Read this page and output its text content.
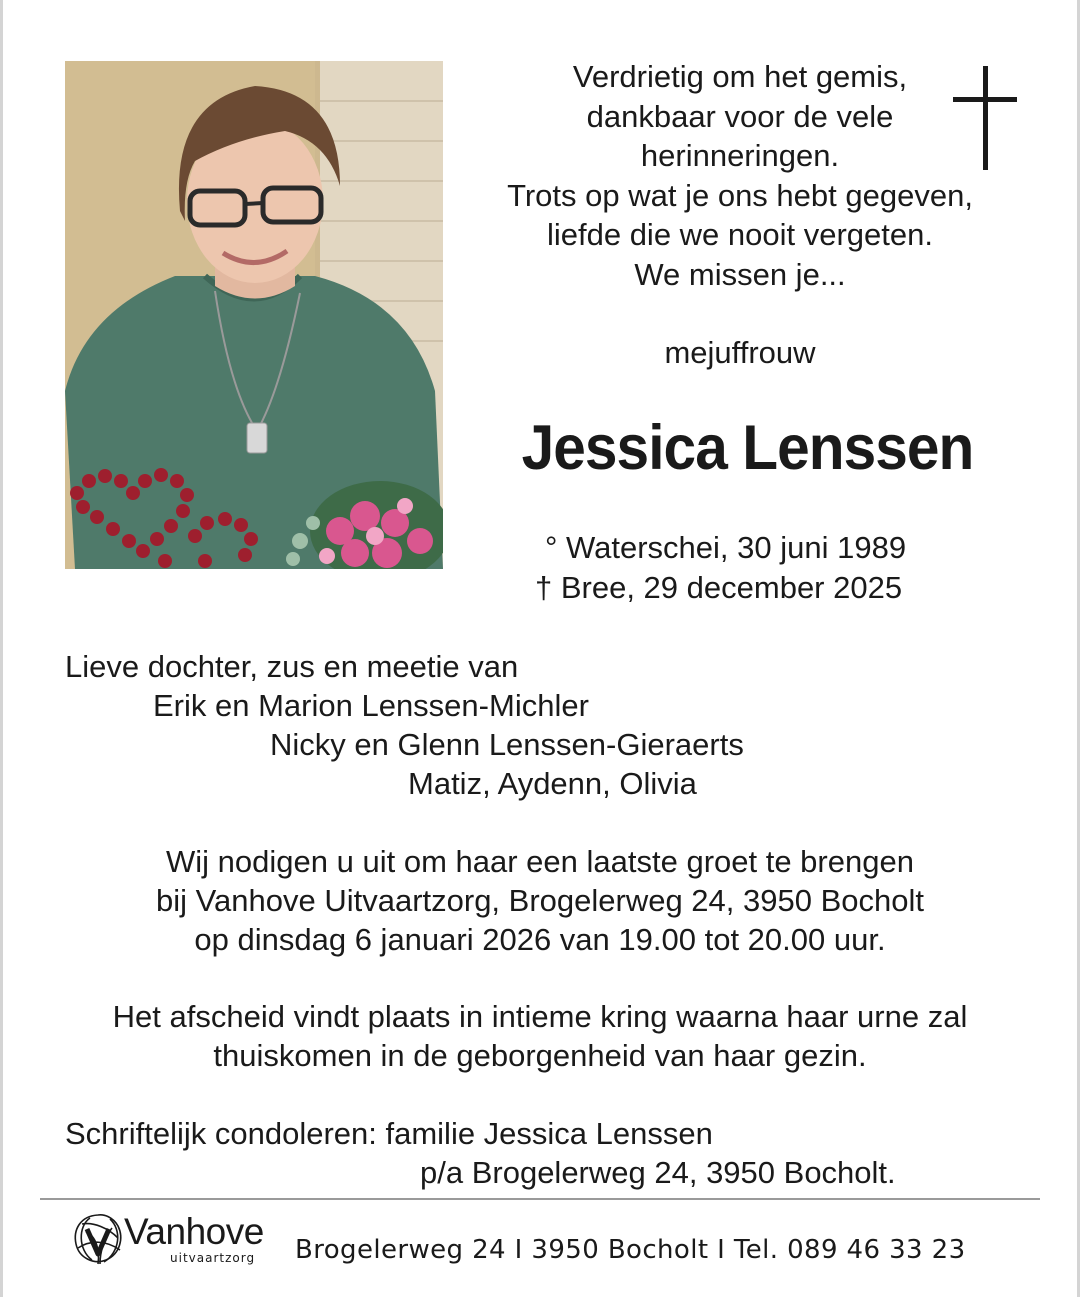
Verdrietig om het gemis,
dankbaar voor de vele
herinneringen.
Trots op wat je ons hebt gegeven,
liefde die we nooit vergeten.
We missen je...
mejuffrouw
Jessica Lenssen
° Waterschei, 30 juni 1989
† Bree, 29 december 2025
Lieve dochter, zus en meetie van
Erik en Marion Lenssen-Michler
Nicky en Glenn Lenssen-Gieraerts
Matiz, Aydenn, Olivia
Wij nodigen u uit om haar een laatste groet te brengen
bij Vanhove Uitvaartzorg, Brogelerweg 24, 3950 Bocholt
op dinsdag 6 januari 2026 van 19.00 tot 20.00 uur.
Het afscheid vindt plaats in intieme kring waarna haar urne zal
thuiskomen in de geborgenheid van haar gezin.
Schriftelijk condoleren: familie Jessica Lenssen
p/a Brogelerweg 24, 3950 Bocholt.
Vanhove
uitvaartzorg Brogelerweg 24 I 3950 Bocholt I Tel. 089 46 33 23
